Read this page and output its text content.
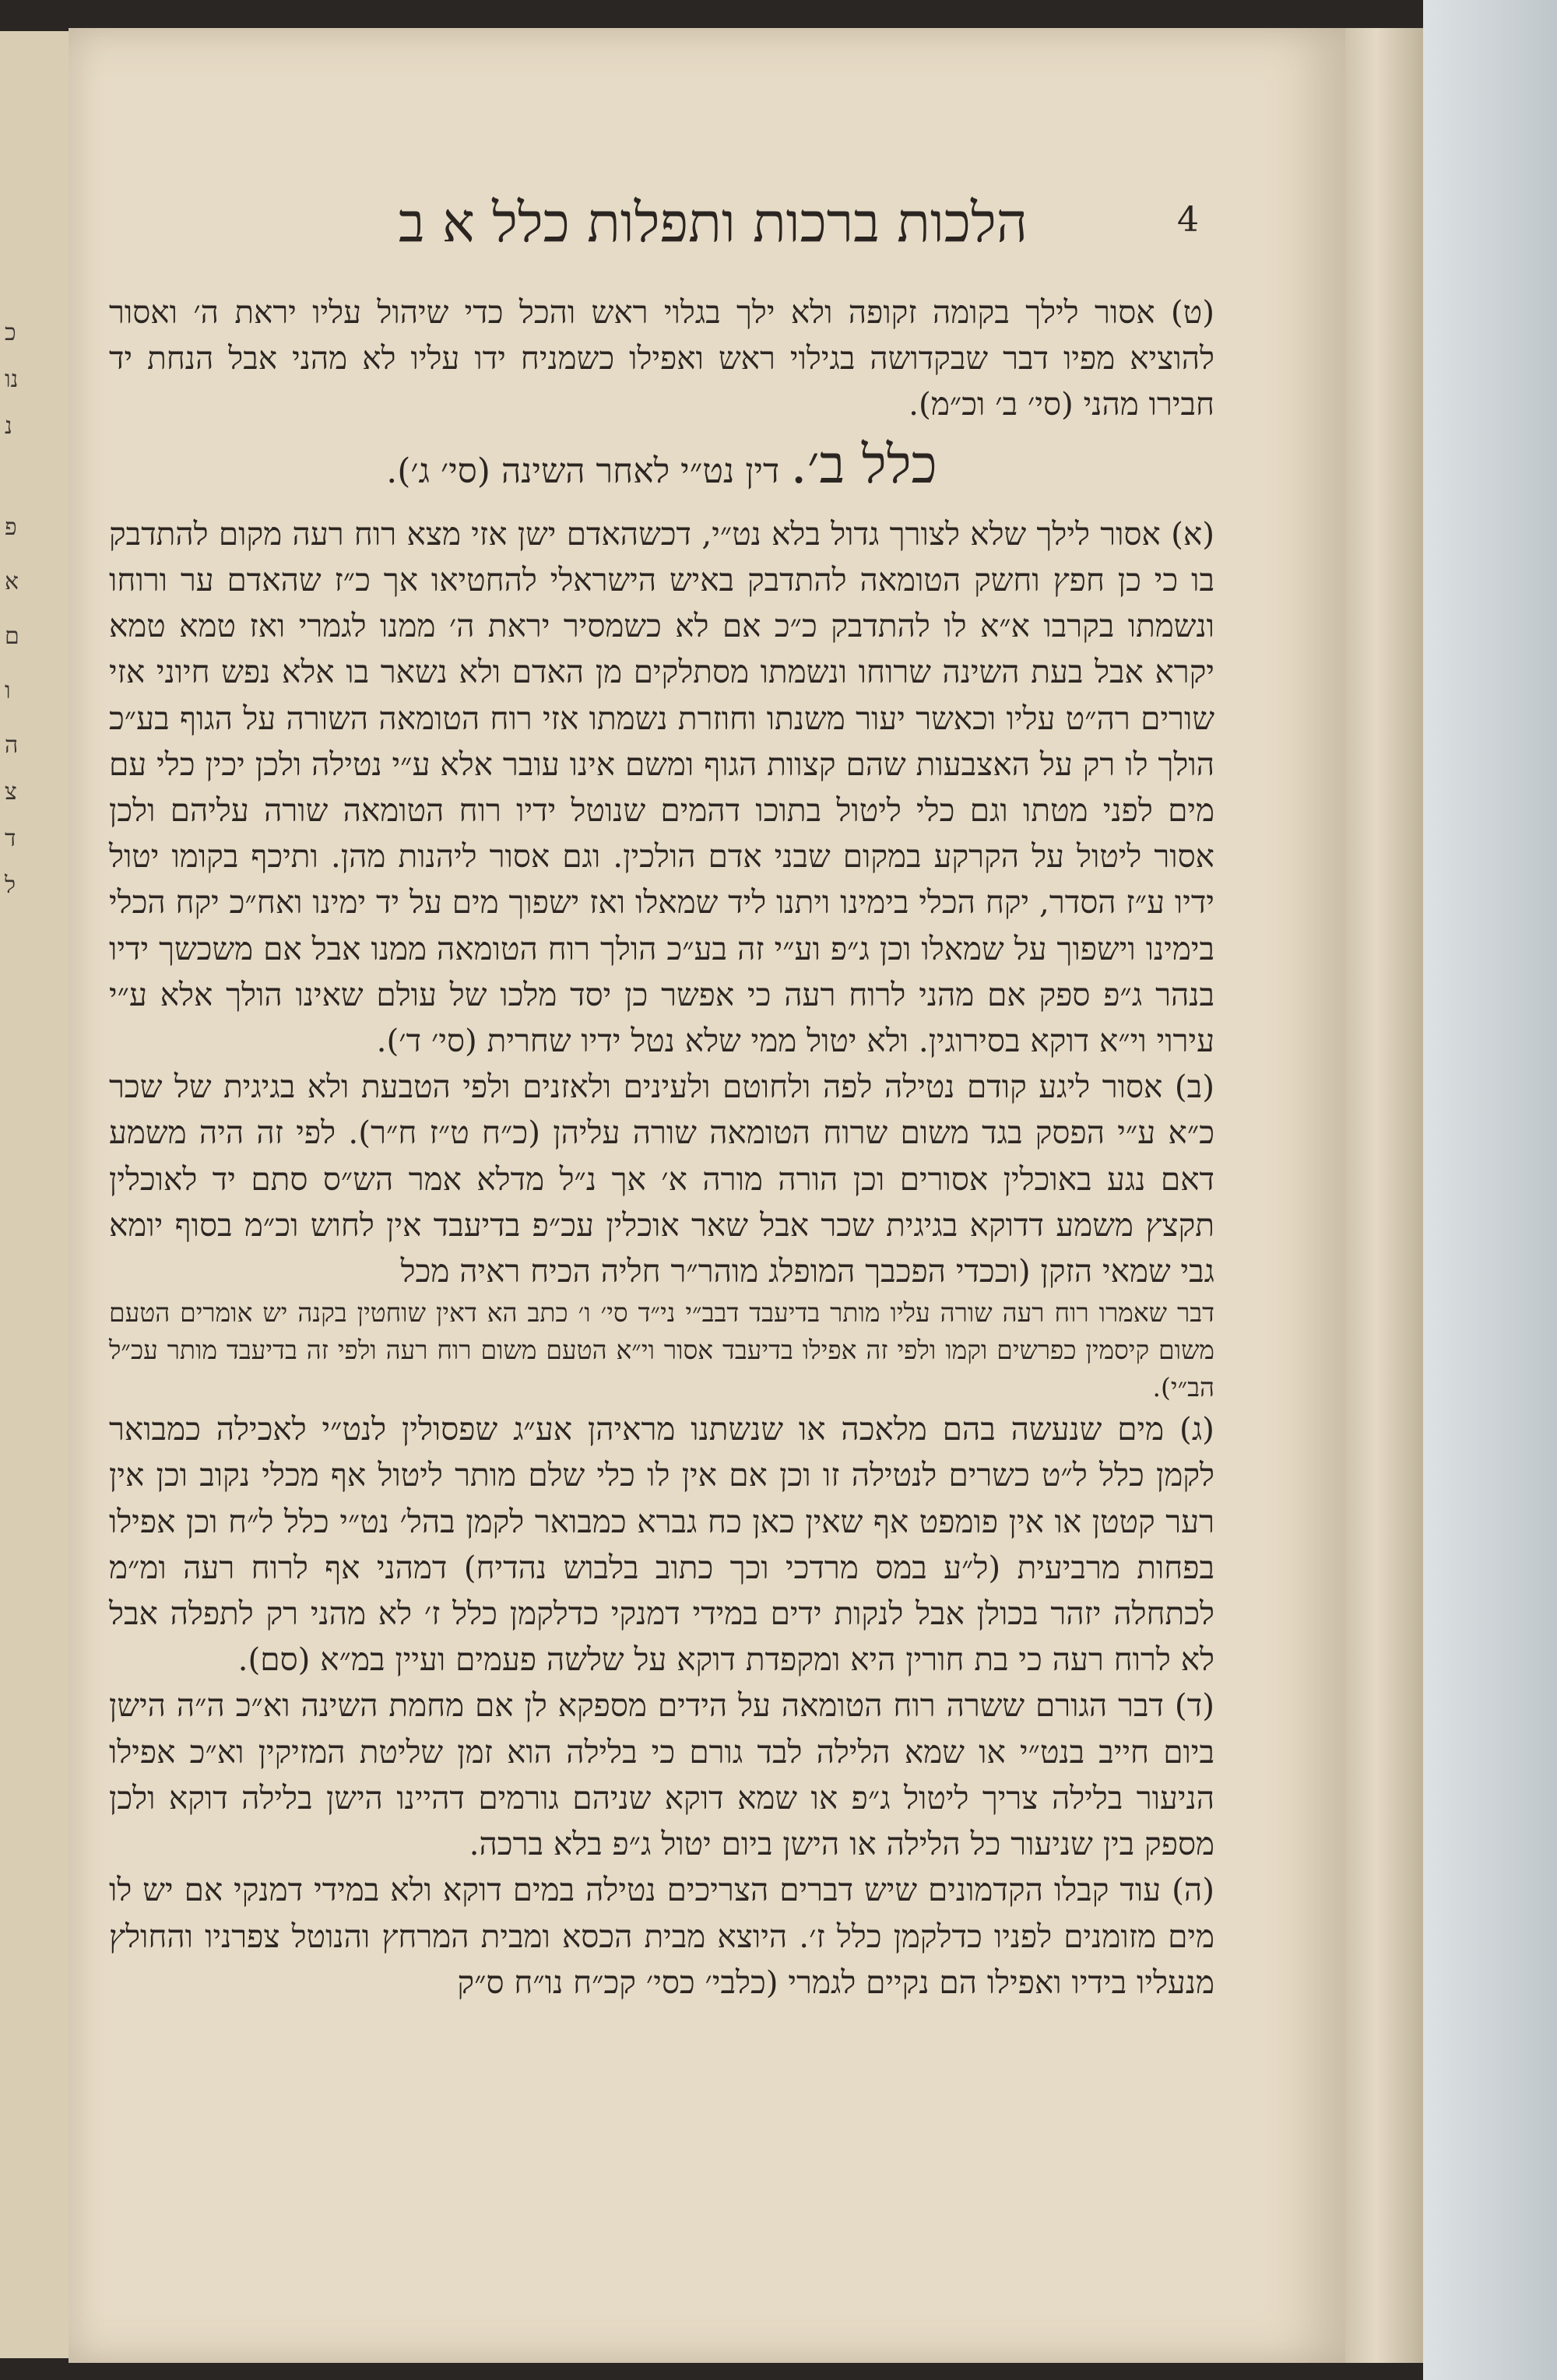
כ
נו
נ
פ
א
ם
ו
ה
צ
ד
ל
הלכות ברכות ותפלות כלל א ב	4

(ט) אסור לילך בקומה זקופה ולא ילך בגלוי ראש והכל כדי שיהול עליו יראת ה׳ ואסור להוציא מפיו דבר שבקדושה בגילוי ראש ואפילו כשמניח ידו עליו לא מהני אבל הנחת יד חבירו מהני (סי׳ ב׳ וכ״מ).

כלל ב׳. דין נט״י לאחר השינה (סי׳ ג׳).

(א) אסור לילך שלא לצורך גדול בלא נט״י, דכשהאדם ישן אזי מצא רוח רעה מקום להתדבק בו כי כן חפץ וחשק הטומאה להתדבק באיש הישראלי להחטיאו אך כ״ז שהאדם ער ורוחו ונשמתו בקרבו א״א לו להתדבק כ״כ אם לא כשמסיר יראת ה׳ ממנו לגמרי ואז טמא טמא יקרא אבל בעת השינה שרוחו ונשמתו מסתלקים מן האדם ולא נשאר בו אלא נפש חיוני אזי שורים רה״ט עליו וכאשר יעור משנתו וחוזרת נשמתו אזי רוח הטומאה השורה על הגוף בע״כ הולך לו רק על האצבעות שהם קצוות הגוף ומשם אינו עובר אלא ע״י נטילה ולכן יכין כלי עם מים לפני מטתו וגם כלי ליטול בתוכו דהמים שנוטל ידיו רוח הטומאה שורה עליהם ולכן אסור ליטול על הקרקע במקום שבני אדם הולכין. וגם אסור ליהנות מהן. ותיכף בקומו יטול ידיו ע״ז הסדר, יקח הכלי בימינו ויתנו ליד שמאלו ואז ישפוך מים על יד ימינו ואח״כ יקח הכלי בימינו וישפוך על שמאלו וכן ג״פ וע״י זה בע״כ הולך רוח הטומאה ממנו אבל אם משכשך ידיו בנהר ג״פ ספק אם מהני לרוח רעה כי אפשר כן יסד מלכו של עולם שאינו הולך אלא ע״י עירוי וי״א דוקא בסירוגין. ולא יטול ממי שלא נטל ידיו שחרית (סי׳ ד׳).

(ב) אסור ליגע קודם נטילה לפה ולחוטם ולעינים ולאזנים ולפי הטבעת ולא בגיגית של שכר כ״א ע״י הפסק בגד משום שרוח הטומאה שורה עליהן (כ״ח ט״ז ח״ר). לפי זה היה משמע דאם נגע באוכלין אסורים וכן הורה מורה א׳ אך נ״ל מדלא אמר הש״ס סתם יד לאוכלין תקצץ משמע דדוקא בגיגית שכר אבל שאר אוכלין עכ״פ בדיעבד אין לחוש וכ״מ בסוף יומא גבי שמאי הזקן (וככדי הפכבך המופלג מוהר״ר חליה הכיח ראיה מכל

דבר שאמרו רוח רעה שורה עליו מותר בדיעבד דבב״י ני״ד סי׳ ו׳ כתב הא דאין שוחטין בקנה יש אומרים הטעם משום קיסמין כפרשים וקמו ולפי זה אפילו בדיעבד אסור וי״א הטעם משום רוח רעה ולפי זה בדיעבד מותר עכ״ל הב״י).

(ג) מים שנעשה בהם מלאכה או שנשתנו מראיהן אע״ג שפסולין לנט״י לאכילה כמבואר לקמן כלל ל״ט כשרים לנטילה זו וכן אם אין לו כלי שלם מותר ליטול אף מכלי נקוב וכן אין רער קטטן או אין פומפט אף שאין כאן כח גברא כמבואר לקמן בהל׳ נט״י כלל ל״ח וכן אפילו בפחות מרביעית (ל״ע במס מרדכי וכך כתוב בלבוש נהדיח) דמהני אף לרוח רעה ומ״מ לכתחלה יזהר בכולן אבל לנקות ידים במידי דמנקי כדלקמן כלל ז׳ לא מהני רק לתפלה אבל לא לרוח רעה כי בת חורין היא ומקפדת דוקא על שלשה פעמים ועיין במ״א (סם).

(ד) דבר הגורם ששרה רוח הטומאה על הידים מספקא לן אם מחמת השינה וא״כ ה״ה הישן ביום חייב בנט״י או שמא הלילה לבד גורם כי בלילה הוא זמן שליטת המזיקין וא״כ אפילו הניעור בלילה צריך ליטול ג״פ או שמא דוקא שניהם גורמים דהיינו הישן בלילה דוקא ולכן מספק בין שניעור כל הלילה או הישן ביום יטול ג״פ בלא ברכה.

(ה) עוד קבלו הקדמונים שיש דברים הצריכים נטילה במים דוקא ולא במידי דמנקי אם יש לו מים מזומנים לפניו כדלקמן כלל ז׳. היוצא מבית הכסא ומבית המרחץ והנוטל צפרניו והחולץ מנעליו בידיו ואפילו הם נקיים לגמרי (כלבי׳ כסי׳ קכ״ח נו״ח ס״ק
